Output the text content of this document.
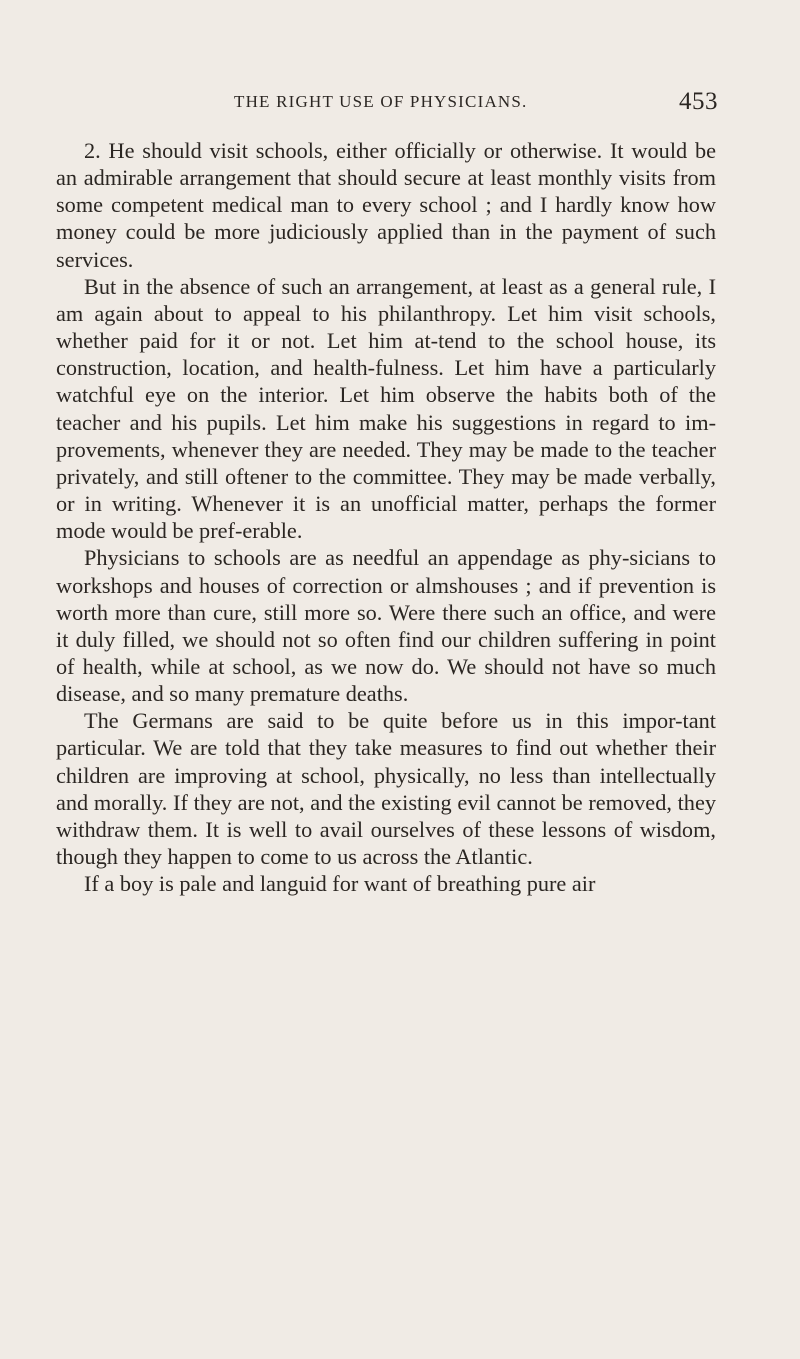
THE RIGHT USE OF PHYSICIANS.	453

2. He should visit schools, either officially or otherwise. It would be an admirable arrangement that should secure at least monthly visits from some competent medical man to every school ; and I hardly know how money could be more judiciously applied than in the payment of such services.

But in the absence of such an arrangement, at least as a general rule, I am again about to appeal to his philanthropy. Let him visit schools, whether paid for it or not. Let him at-tend to the school house, its construction, location, and health-fulness. Let him have a particularly watchful eye on the interior. Let him observe the habits both of the teacher and his pupils. Let him make his suggestions in regard to im-provements, whenever they are needed. They may be made to the teacher privately, and still oftener to the committee. They may be made verbally, or in writing. Whenever it is an unofficial matter, perhaps the former mode would be pref-erable.

Physicians to schools are as needful an appendage as phy-sicians to workshops and houses of correction or almshouses ; and if prevention is worth more than cure, still more so. Were there such an office, and were it duly filled, we should not so often find our children suffering in point of health, while at school, as we now do. We should not have so much disease, and so many premature deaths.

The Germans are said to be quite before us in this impor-tant particular. We are told that they take measures to find out whether their children are improving at school, physically, no less than intellectually and morally. If they are not, and the existing evil cannot be removed, they withdraw them. It is well to avail ourselves of these lessons of wisdom, though they happen to come to us across the Atlantic.

If a boy is pale and languid for want of breathing pure air
